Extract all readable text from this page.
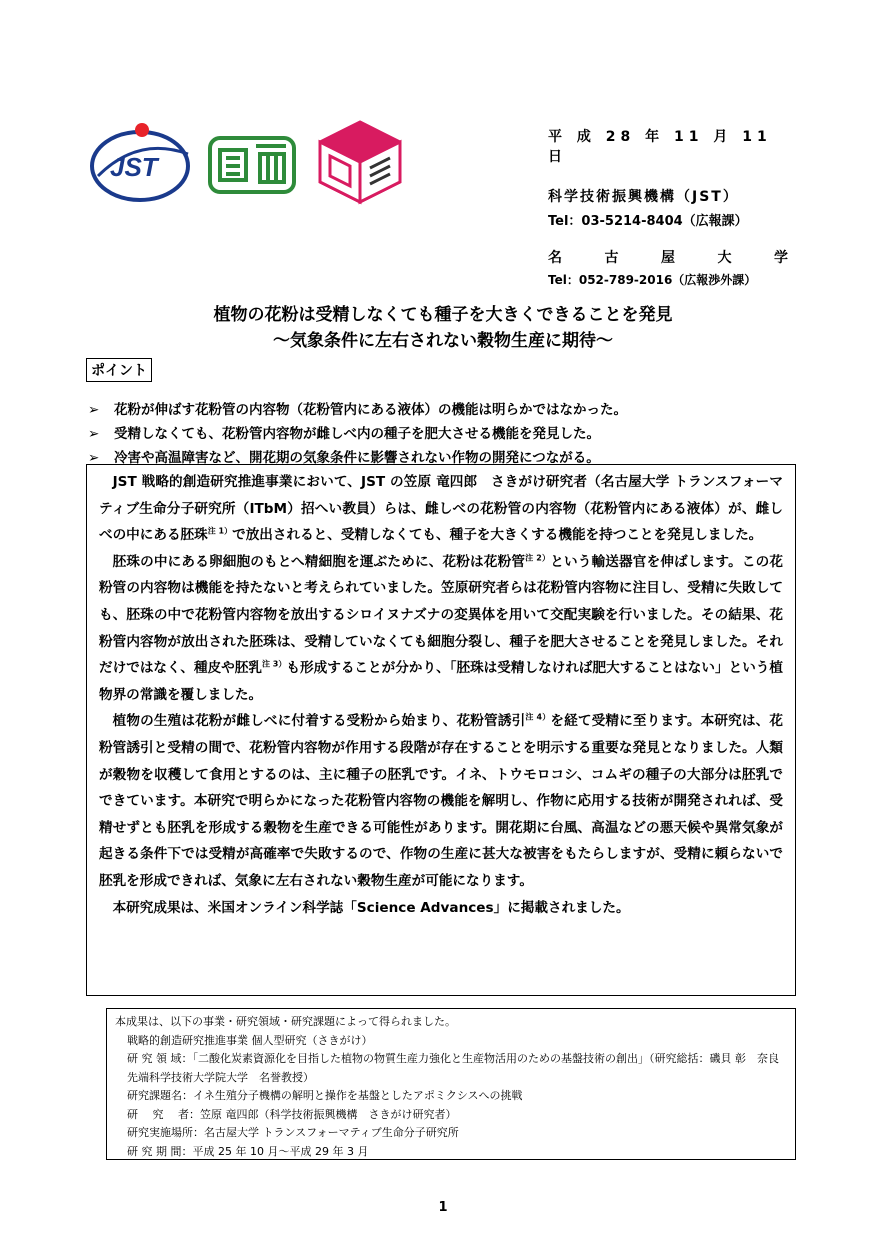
JST
平 成 28 年 11 月 11 日
科学技術振興機構（JST）
Tel：03-5214-8404（広報課）
名	古	屋	大	学
Tel：052-789-2016（広報渉外課）
植物の花粉は受精しなくても種子を大きくできることを発見
～気象条件に左右されない穀物生産に期待～
ポイント
➢	花粉が伸ばす花粉管の内容物（花粉管内にある液体）の機能は明らかではなかった。
➢	受精しなくても、花粉管内容物が雌しべ内の種子を肥大させる機能を発見した。
➢	冷害や高温障害など、開花期の気象条件に影響されない作物の開発につながる。

JST 戦略的創造研究推進事業において、JST の笠原 竜四郎　さきがけ研究者（名古屋大学 トランスフォーマティブ生命分子研究所（ITbM）招へい教員）らは、雌しべの花粉管の内容物（花粉管内にある液体）が、雌しべの中にある胚珠$^{注 1)}$で放出されると、受精しなくても、種子を大きくする機能を持つことを発見しました。

胚珠の中にある卵細胞のもとへ精細胞を運ぶために、花粉は花粉管$^{注 2)}$という輸送器官を伸ばします。この花粉管の内容物は機能を持たないと考えられていました。笠原研究者らは花粉管内容物に注目し、受精に失敗しても、胚珠の中で花粉管内容物を放出するシロイヌナズナの変異体を用いて交配実験を行いました。その結果、花粉管内容物が放出された胚珠は、受精していなくても細胞分裂し、種子を肥大させることを発見しました。それだけではなく、種皮や胚乳$^{注 3)}$も形成することが分かり、「胚珠は受精しなければ肥大することはない」という植物界の常識を覆しました。

植物の生殖は花粉が雌しべに付着する受粉から始まり、花粉管誘引$^{注 4)}$を経て受精に至ります。本研究は、花粉管誘引と受精の間で、花粉管内容物が作用する段階が存在することを明示する重要な発見となりました。人類が穀物を収穫して食用とするのは、主に種子の胚乳です。イネ、トウモロコシ、コムギの種子の大部分は胚乳でできています。本研究で明らかになった花粉管内容物の機能を解明し、作物に応用する技術が開発されれば、受精せずとも胚乳を形成する穀物を生産できる可能性があります。開花期に台風、高温などの悪天候や異常気象が起きる条件下では受精が高確率で失敗するので、作物の生産に甚大な被害をもたらしますが、受精に頼らないで胚乳を形成できれば、気象に左右されない穀物生産が可能になります。

本研究成果は、米国オンライン科学誌「Science Advances」に掲載されました。

本成果は、以下の事業・研究領域・研究課題によって得られました。
戦略的創造研究推進事業 個人型研究（さきがけ）
研 究 領 域：「二酸化炭素資源化を目指した植物の物質生産力強化と生産物活用のための基盤技術の創出」（研究総括：磯貝 彰　奈良先端科学技術大学院大学　名誉教授）
研究課題名：イネ生殖分子機構の解明と操作を基盤としたアポミクシスへの挑戦
研　 究 　者：笠原 竜四郎（科学技術振興機構　さきがけ研究者）
研究実施場所：名古屋大学 トランスフォーマティブ生命分子研究所
研 究 期 間：平成 25 年 10 月～平成 29 年 3 月
1
